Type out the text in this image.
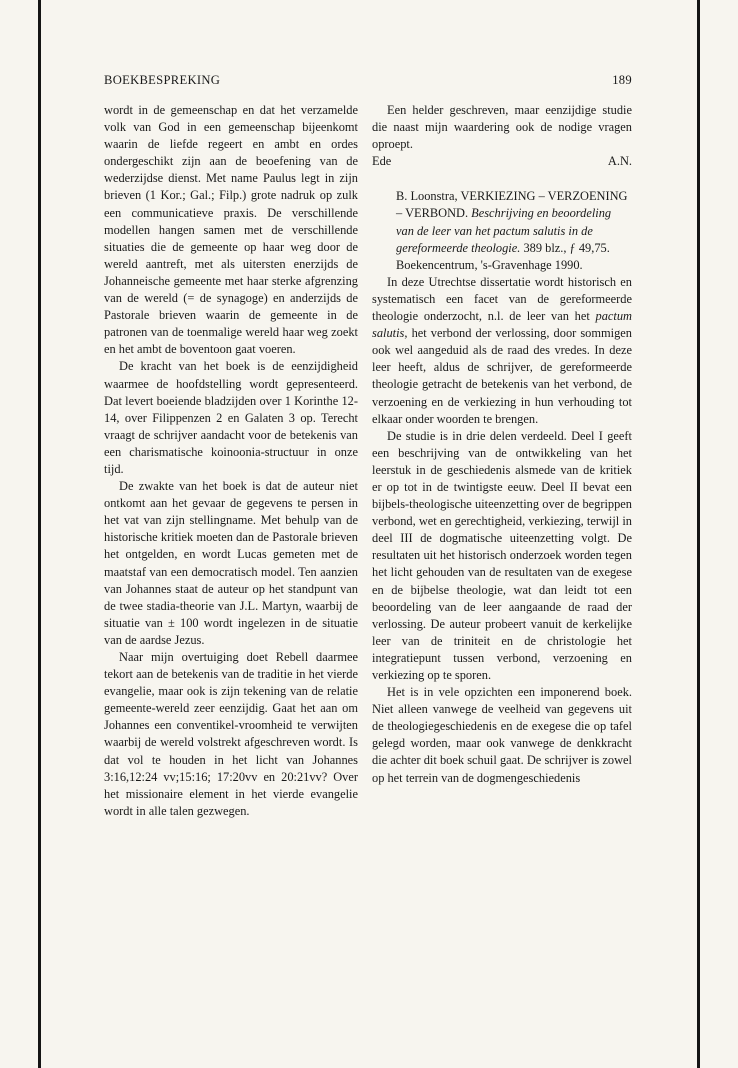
BOEKBESPREKING	189

wordt in de gemeenschap en dat het verzamelde volk van God in een gemeenschap bijeenkomt waarin de liefde regeert en ambt en ordes ondergeschikt zijn aan de beoefening van de wederzijdse dienst. Met name Paulus legt in zijn brieven (1 Kor.; Gal.; Filp.) grote nadruk op zulk een communicatieve praxis. De verschillende modellen hangen samen met de verschillende situaties die de gemeente op haar weg door de wereld aantreft, met als uitersten enerzijds de Johanneische gemeente met haar sterke afgrenzing van de wereld (= de synagoge) en anderzijds de Pastorale brieven waarin de gemeente in de patronen van de toenmalige wereld haar weg zoekt en het ambt de boventoon gaat voeren.

De kracht van het boek is de eenzijdigheid waarmee de hoofdstelling wordt gepresenteerd. Dat levert boeiende bladzijden over 1 Korinthe 12-14, over Filippenzen 2 en Galaten 3 op. Terecht vraagt de schrijver aandacht voor de betekenis van een charismatische koinoonia-structuur in onze tijd.

De zwakte van het boek is dat de auteur niet ontkomt aan het gevaar de gegevens te persen in het vat van zijn stellingname. Met behulp van de historische kritiek moeten dan de Pastorale brieven het ontgelden, en wordt Lucas gemeten met de maatstaf van een democratisch model. Ten aanzien van Johannes staat de auteur op het standpunt van de twee stadia-theorie van J.L. Martyn, waarbij de situatie van ± 100 wordt ingelezen in de situatie van de aardse Jezus.

Naar mijn overtuiging doet Rebell daarmee tekort aan de betekenis van de traditie in het vierde evangelie, maar ook is zijn tekening van de relatie gemeente-wereld zeer eenzijdig. Gaat het aan om Johannes een conventikel-vroomheid te verwijten waarbij de wereld volstrekt afgeschreven wordt. Is dat vol te houden in het licht van Johannes 3:16,12:24 vv;15:16; 17:20vv en 20:21vv? Over het missionaire element in het vierde evangelie wordt in alle talen gezwegen.

Een helder geschreven, maar eenzijdige studie die naast mijn waardering ook de nodige vragen oproept.

Ede	A.N.
B. Loonstra, VERKIEZING – VERZOENING – VERBOND. Beschrijving en beoordeling van de leer van het pactum salutis in de gereformeerde theologie. 389 blz., ƒ 49,75. Boekencentrum, 's-Gravenhage 1990.

In deze Utrechtse dissertatie wordt historisch en systematisch een facet van de gereformeerde theologie onderzocht, n.l. de leer van het pactum salutis, het verbond der verlossing, door sommigen ook wel aangeduid als de raad des vredes. In deze leer heeft, aldus de schrijver, de gereformeerde theologie getracht de betekenis van het verbond, de verzoening en de verkiezing in hun verhouding tot elkaar onder woorden te brengen.

De studie is in drie delen verdeeld. Deel I geeft een beschrijving van de ontwikkeling van het leerstuk in de geschiedenis alsmede van de kritiek er op tot in de twintigste eeuw. Deel II bevat een bijbels-theologische uiteenzetting over de begrippen verbond, wet en gerechtigheid, verkiezing, terwijl in deel III de dogmatische uiteenzetting volgt. De resultaten uit het historisch onderzoek worden tegen het licht gehouden van de resultaten van de exegese en de bijbelse theologie, wat dan leidt tot een beoordeling van de leer aangaande de raad der verlossing. De auteur probeert vanuit de kerkelijke leer van de triniteit en de christologie het integratiepunt tussen verbond, verzoening en verkiezing op te sporen.

Het is in vele opzichten een imponerend boek. Niet alleen vanwege de veelheid van gegevens uit de theologiegeschiedenis en de exegese die op tafel gelegd worden, maar ook vanwege de denkkracht die achter dit boek schuil gaat. De schrijver is zowel op het terrein van de dogmengeschiedenis
